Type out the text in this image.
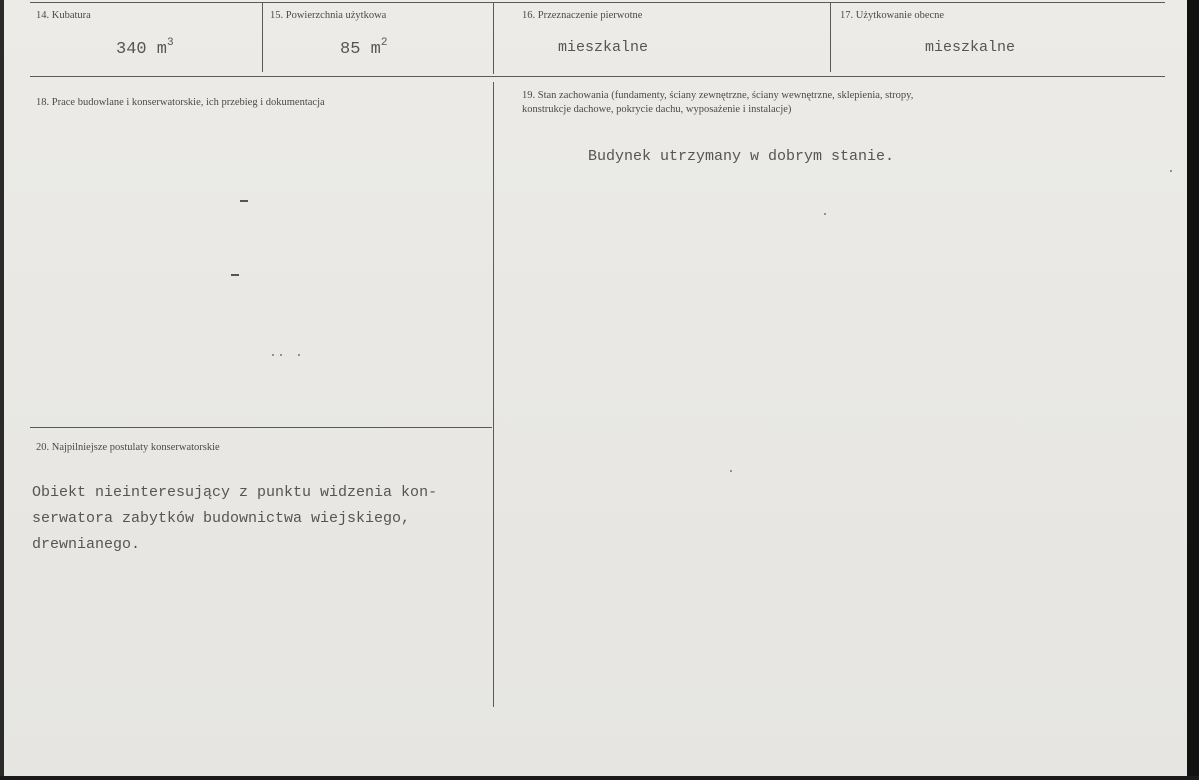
14. Kubatura
340 $m^3$
15. Powierzchnia użytkowa
85 $m^2$
16. Przeznaczenie pierwotne
mieszkalne
17. Użytkowanie obecne
mieszkalne
18. Prace budowlane i konserwatorskie, ich przebieg i dokumentacja
19. Stan zachowania (fundamenty, ściany zewnętrzne, ściany wewnętrzne, sklepienia, stropy,
konstrukcje dachowe, pokrycie dachu, wyposażenie i instalacje)
Budynek utrzymany w dobrym stanie.
20. Najpilniejsze postulaty konserwatorskie
Obiekt nieinteresujący z punktu widzenia kon-
serwatora zabytków budownictwa wiejskiego,
drewnianego.
